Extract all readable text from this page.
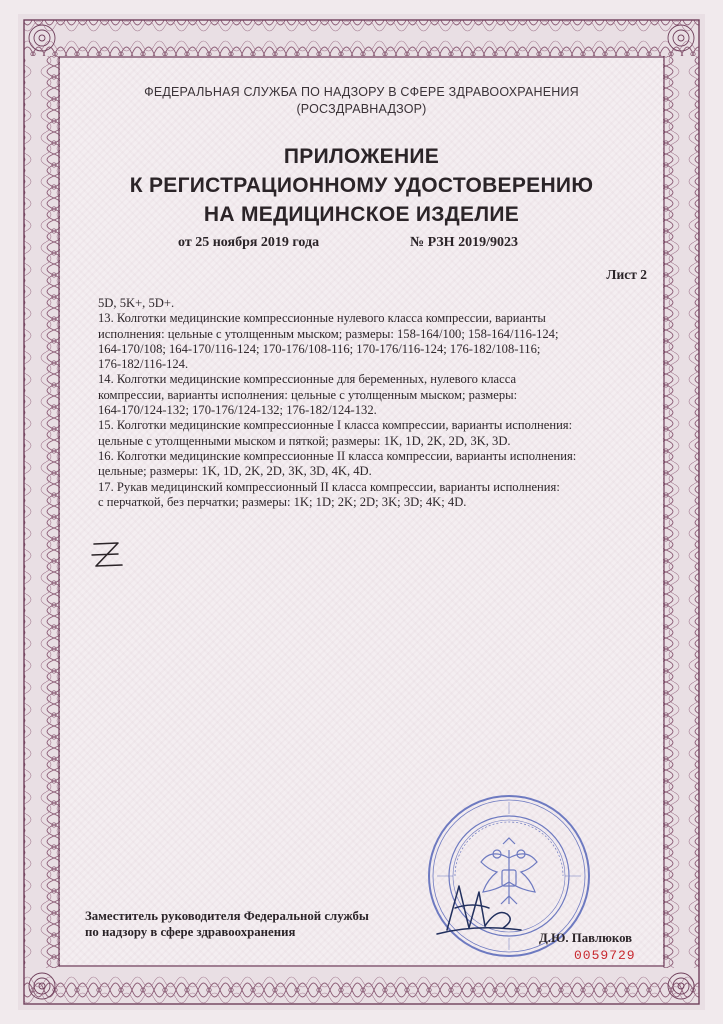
ФЕДЕРАЛЬНАЯ СЛУЖБА ПО НАДЗОРУ В СФЕРЕ ЗДРАВООХРАНЕНИЯ
(РОСЗДРАВНАДЗОР)
ПРИЛОЖЕНИЕ
К РЕГИСТРАЦИОННОМУ УДОСТОВЕРЕНИЮ
НА МЕДИЦИНСКОЕ ИЗДЕЛИЕ
от 25 ноября 2019 года	№ РЗН 2019/9023
Лист 2

5D, 5K+, 5D+.

13. Колготки медицинские компрессионные нулевого класса компрессии, варианты

исполнения: цельные с утолщенным мыском; размеры: 158-164/100; 158-164/116-124;

164-170/108; 164-170/116-124; 170-176/108-116; 170-176/116-124; 176-182/108-116;

176-182/116-124.

14. Колготки медицинские компрессионные для беременных, нулевого класса

компрессии, варианты исполнения: цельные с утолщенным мыском; размеры:

164-170/124-132; 170-176/124-132; 176-182/124-132.

15. Колготки медицинские компрессионные I класса компрессии, варианты исполнения:

цельные с утолщенными мыском и пяткой; размеры: 1K, 1D, 2K, 2D, 3K, 3D.

16. Колготки медицинские компрессионные II класса компрессии, варианты исполнения:

цельные; размеры: 1K, 1D, 2K, 2D, 3K, 3D, 4K, 4D.

17. Рукав медицинский компрессионный II класса компрессии, варианты исполнения:

с перчаткой, без перчатки; размеры: 1K; 1D; 2K; 2D; 3K; 3D; 4K; 4D.

Заместитель руководителя Федеральной службы
по надзору в сфере здравоохранения	Д.Ю. Павлюков
0059729
